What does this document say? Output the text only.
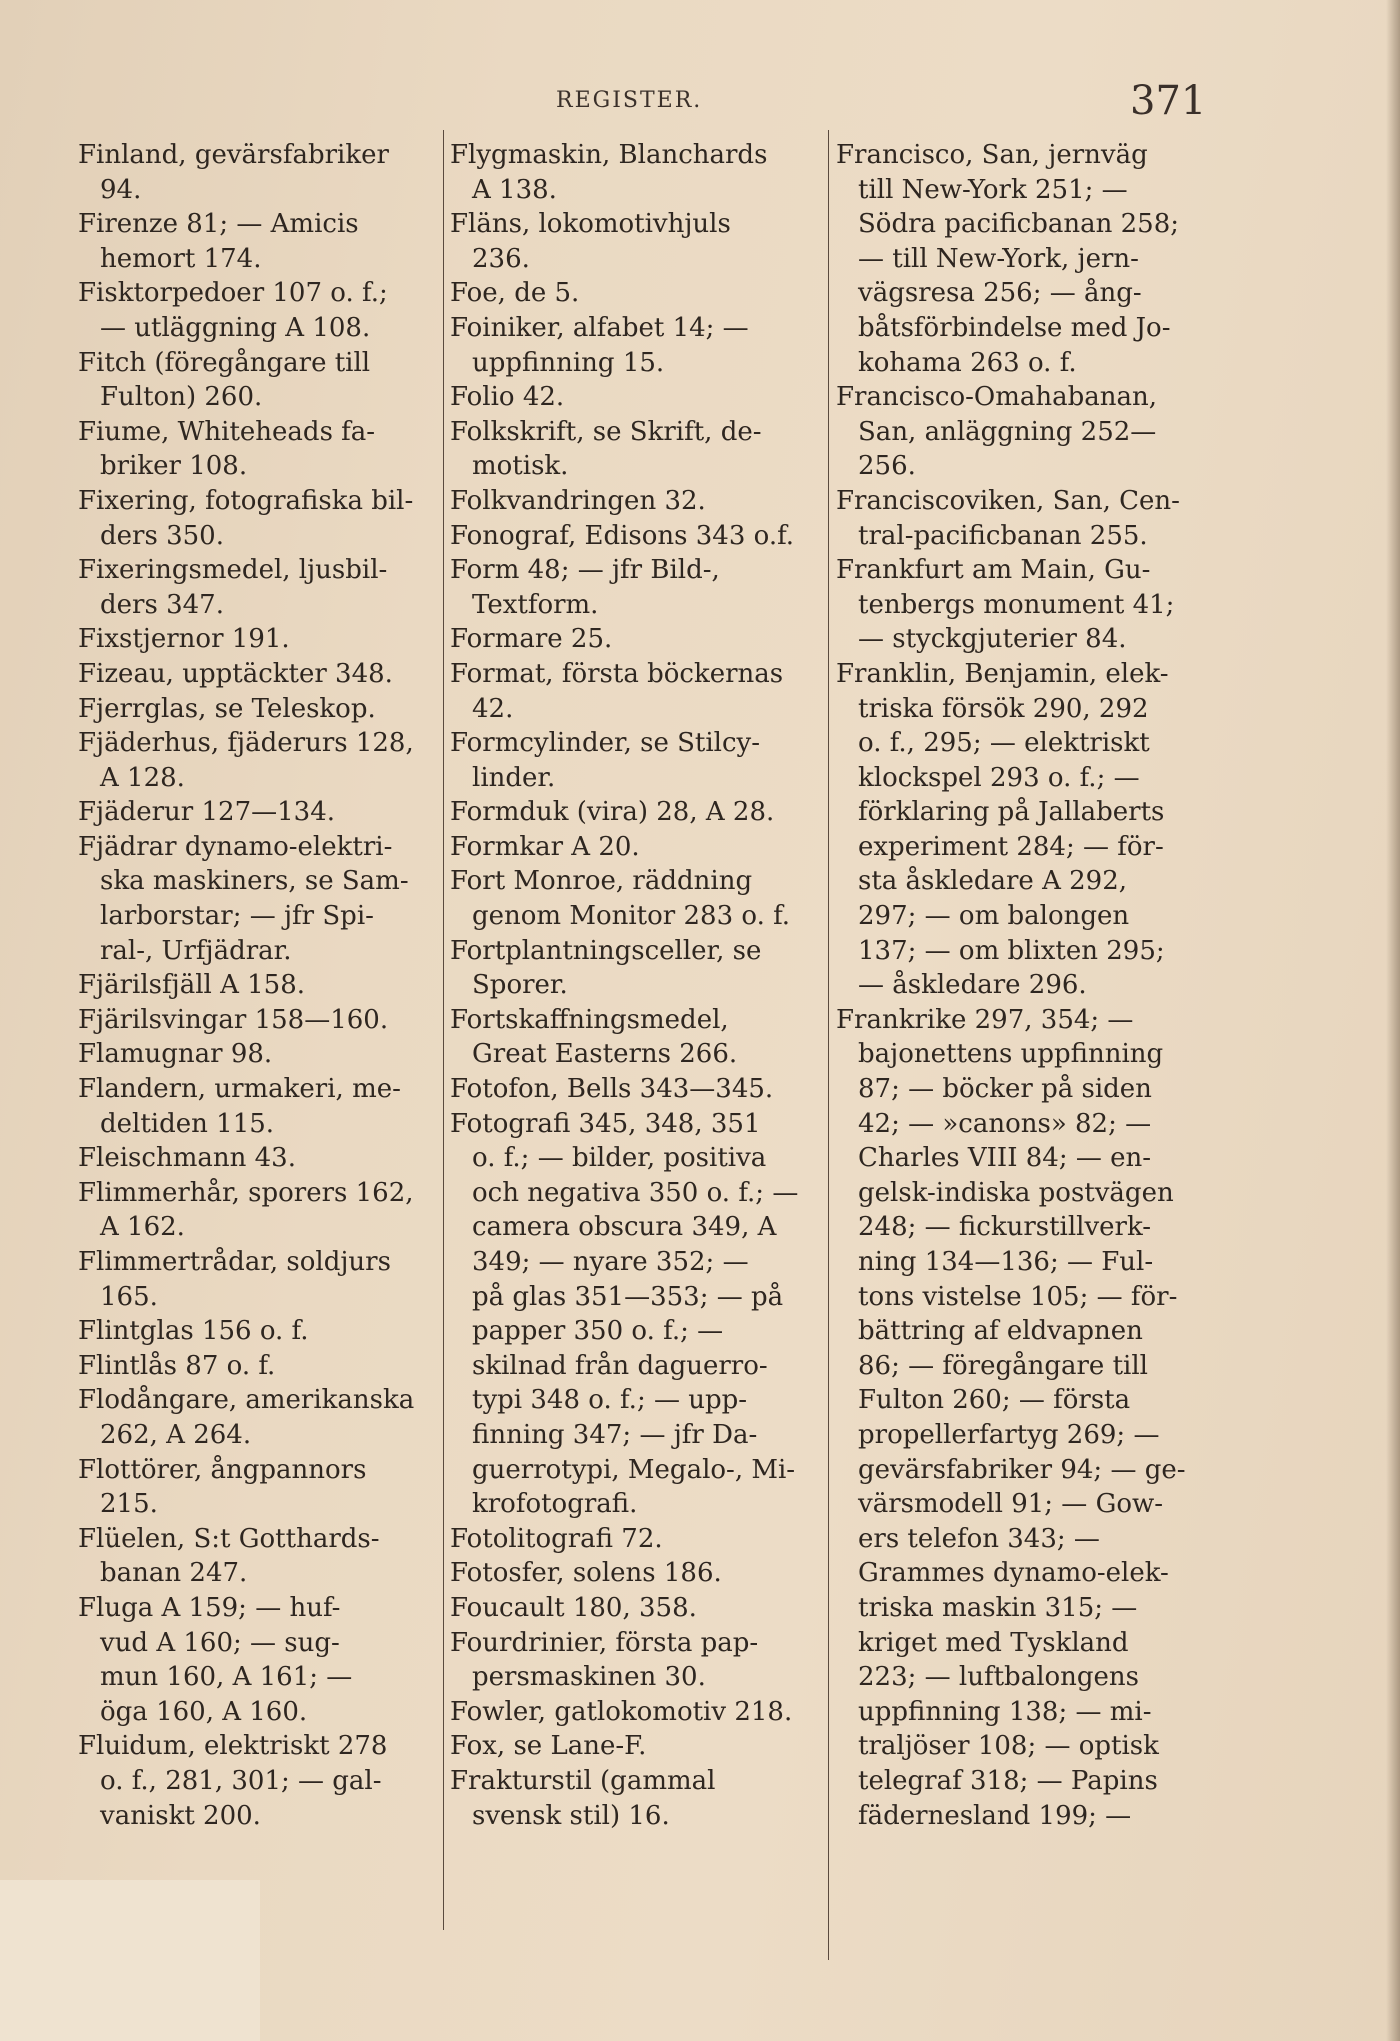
REGISTER.	371
Finland, gevärsfabriker
94.
Firenze 81; — Amicis
hemort 174.
Fisktorpedoer 107 o. f.;
— utläggning A 108.
Fitch (föregångare till
Fulton) 260.
Fiume, Whiteheads fa-
briker 108.
Fixering, fotografiska bil-
ders 350.
Fixeringsmedel, ljusbil-
ders 347.
Fixstjernor 191.
Fizeau, upptäckter 348.
Fjerrglas, se Teleskop.
Fjäderhus, fjäderurs 128,
A 128.
Fjäderur 127—134.
Fjädrar dynamo-elektri-
ska maskiners, se Sam-
larborstar; — jfr Spi-
ral-, Urfjädrar.
Fjärilsfjäll A 158.
Fjärilsvingar 158—160.
Flamugnar 98.
Flandern, urmakeri, me-
deltiden 115.
Fleischmann 43.
Flimmerhår, sporers 162,
A 162.
Flimmertrådar, soldjurs
165.
Flintglas 156 o. f.
Flintlås 87 o. f.
Flodångare, amerikanska
262, A 264.
Flottörer, ångpannors
215.
Flüelen, S:t Gotthards-
banan 247.
Fluga A 159; — huf-
vud A 160; — sug-
mun 160, A 161; —
öga 160, A 160.
Fluidum, elektriskt 278
o. f., 281, 301; — gal-
vaniskt 200.
Flygmaskin, Blanchards
A 138.
Fläns, lokomotivhjuls
236.
Foe, de 5.
Foiniker, alfabet 14; —
uppfinning 15.
Folio 42.
Folkskrift, se Skrift, de-
motisk.
Folkvandringen 32.
Fonograf, Edisons 343 o.f.
Form 48; — jfr Bild-,
Textform.
Formare 25.
Format, första böckernas
42.
Formcylinder, se Stilcy-
linder.
Formduk (vira) 28, A 28.
Formkar A 20.
Fort Monroe, räddning
genom Monitor 283 o. f.
Fortplantningsceller, se
Sporer.
Fortskaffningsmedel,
Great Easterns 266.
Fotofon, Bells 343—345.
Fotografi 345, 348, 351
o. f.; — bilder, positiva
och negativa 350 o. f.; —
camera obscura 349, A
349; — nyare 352; —
på glas 351—353; — på
papper 350 o. f.; —
skilnad från daguerro-
typi 348 o. f.; — upp-
finning 347; — jfr Da-
guerrotypi, Megalo-, Mi-
krofotografi.
Fotolitografi 72.
Fotosfer, solens 186.
Foucault 180, 358.
Fourdrinier, första pap-
persmaskinen 30.
Fowler, gatlokomotiv 218.
Fox, se Lane-F.
Frakturstil (gammal
svensk stil) 16.
Francisco, San, jernväg
till New-York 251; —
Södra pacificbanan 258;
— till New-York, jern-
vägsresa 256; — ång-
båtsförbindelse med Jo-
kohama 263 o. f.
Francisco-Omahabanan,
San, anläggning 252—
256.
Franciscoviken, San, Cen-
tral-pacificbanan 255.
Frankfurt am Main, Gu-
tenbergs monument 41;
— styckgjuterier 84.
Franklin, Benjamin, elek-
triska försök 290, 292
o. f., 295; — elektriskt
klockspel 293 o. f.; —
förklaring på Jallaberts
experiment 284; — för-
sta åskledare A 292,
297; — om balongen
137; — om blixten 295;
— åskledare 296.
Frankrike 297, 354; —
bajonettens uppfinning
87; — böcker på siden
42; — »canons» 82; —
Charles VIII 84; — en-
gelsk-indiska postvägen
248; — fickurstillverk-
ning 134—136; — Ful-
tons vistelse 105; — för-
bättring af eldvapnen
86; — föregångare till
Fulton 260; — första
propellerfartyg 269; —
gevärsfabriker 94; — ge-
värsmodell 91; — Gow-
ers telefon 343; —
Grammes dynamo-elek-
triska maskin 315; —
kriget med Tyskland
223; — luftbalongens
uppfinning 138; — mi-
traljöser 108; — optisk
telegraf 318; — Papins
fädernesland 199; —
